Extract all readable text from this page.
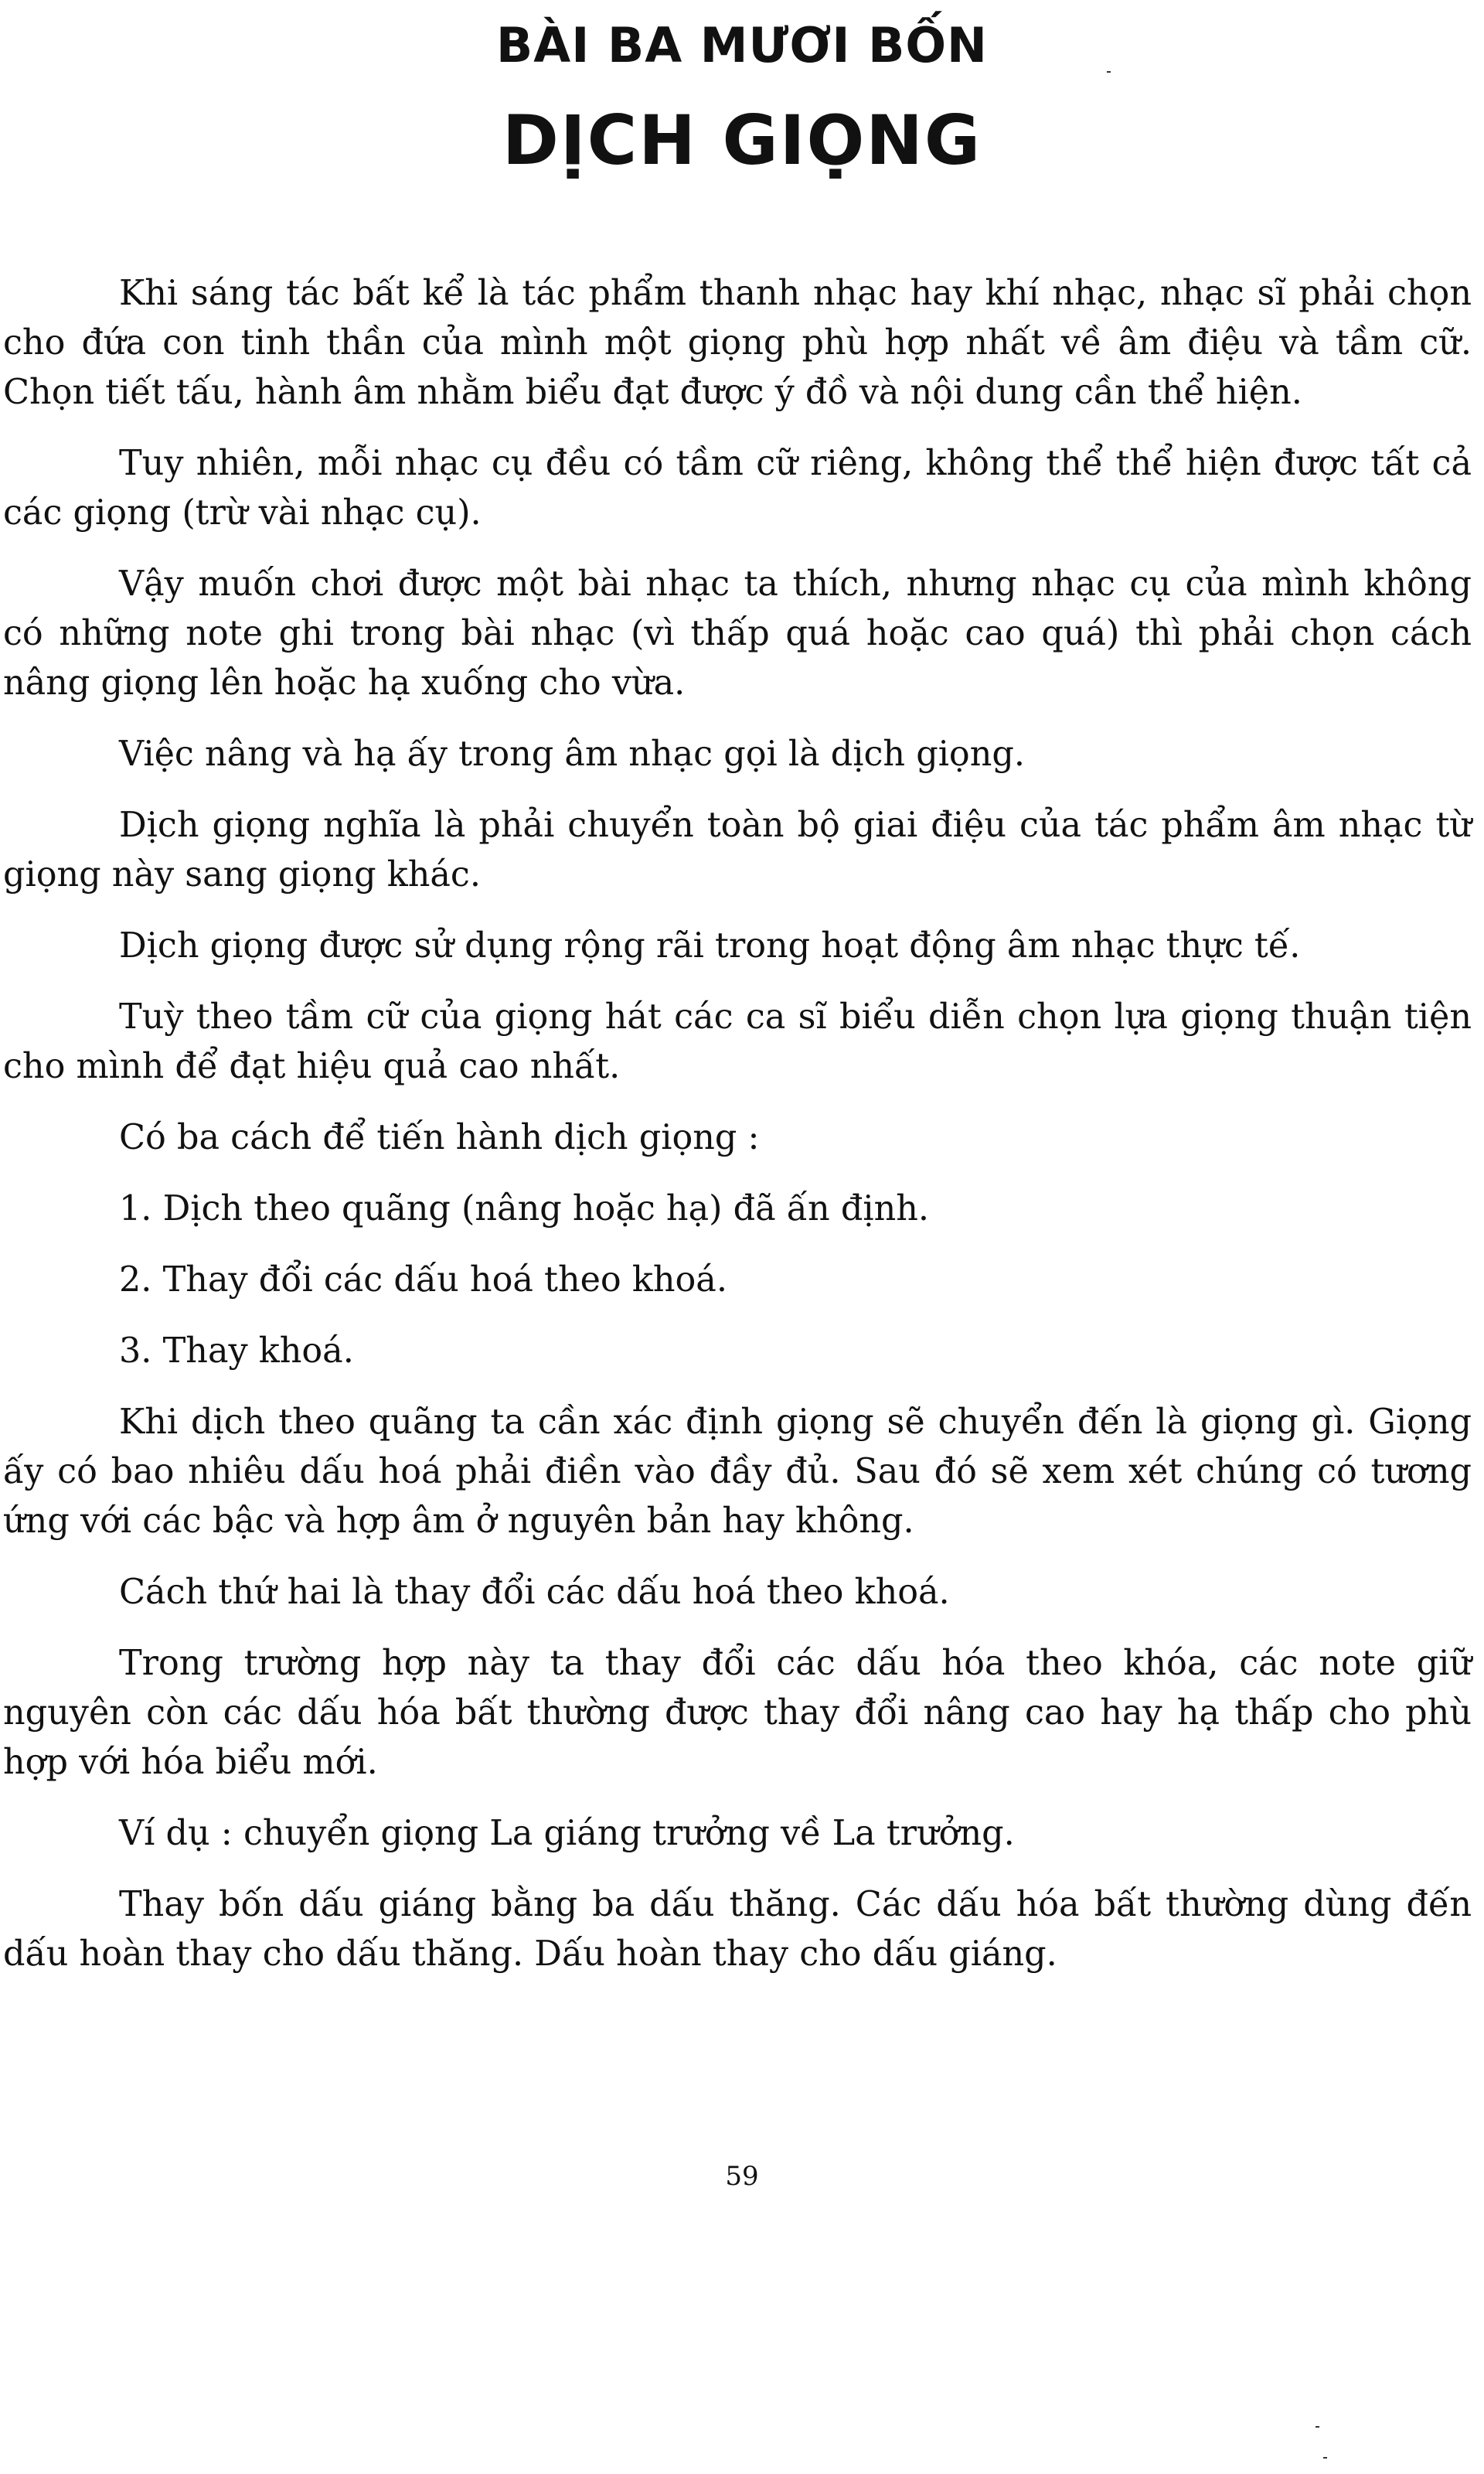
BÀI BA MƯƠI BỐN
DỊCH GIỌNG

Khi sáng tác bất kể là tác phẩm thanh nhạc hay khí nhạc, nhạc sĩ phải chọn cho đứa con tinh thần của mình một giọng phù hợp nhất về âm điệu và tầm cữ. Chọn tiết tấu, hành âm nhằm biểu đạt được ý đồ và nội dung cần thể hiện.

Tuy nhiên, mỗi nhạc cụ đều có tầm cữ riêng, không thể thể hiện được tất cả các giọng (trừ vài nhạc cụ).

Vậy muốn chơi được một bài nhạc ta thích, nhưng nhạc cụ của mình không có những note ghi trong bài nhạc (vì thấp quá hoặc cao quá) thì phải chọn cách nâng giọng lên hoặc hạ xuống cho vừa.

Việc nâng và hạ ấy trong âm nhạc gọi là dịch giọng.

Dịch giọng nghĩa là phải chuyển toàn bộ giai điệu của tác phẩm âm nhạc từ giọng này sang giọng khác.

Dịch giọng được sử dụng rộng rãi trong hoạt động âm nhạc thực tế.

Tuỳ theo tầm cữ của giọng hát các ca sĩ biểu diễn chọn lựa giọng thuận tiện cho mình để đạt hiệu quả cao nhất.

Có ba cách để tiến hành dịch giọng :

1. Dịch theo quãng (nâng hoặc hạ) đã ấn định.

2. Thay đổi các dấu hoá theo khoá.

3. Thay khoá.

Khi dịch theo quãng ta cần xác định giọng sẽ chuyển đến là giọng gì. Giọng ấy có bao nhiêu dấu hoá phải điền vào đầy đủ. Sau đó sẽ xem xét chúng có tương ứng với các bậc và hợp âm ở nguyên bản hay không.

Cách thứ hai là thay đổi các dấu hoá theo khoá.

Trong trường hợp này ta thay đổi các dấu hóa theo khóa, các note giữ nguyên còn các dấu hóa bất thường được thay đổi nâng cao hay hạ thấp cho phù hợp với hóa biểu mới.

Ví dụ : chuyển giọng La giáng trưởng về La trưởng.

Thay bốn dấu giáng bằng ba dấu thăng. Các dấu hóa bất thường dùng đến dấu hoàn thay cho dấu thăng. Dấu hoàn thay cho dấu giáng.

59
